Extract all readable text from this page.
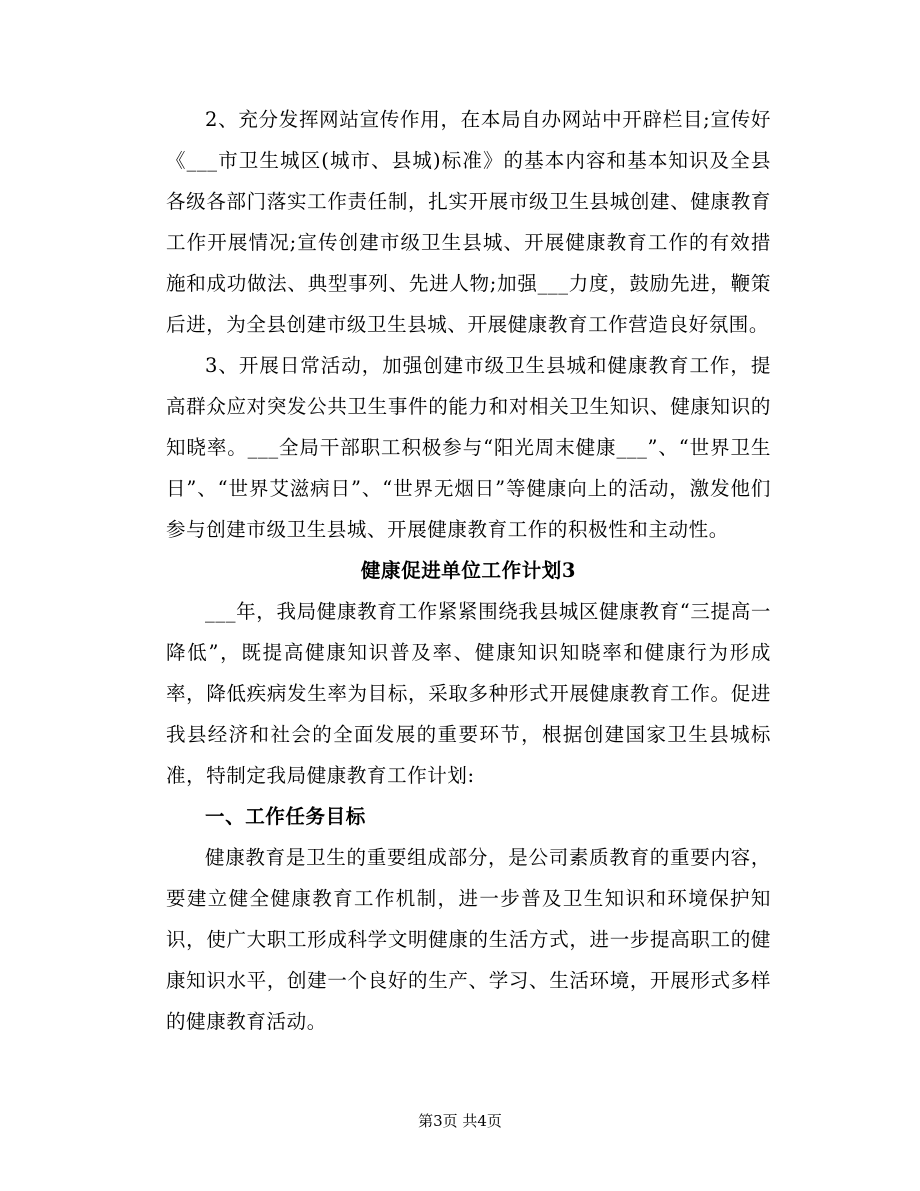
2、充分发挥网站宣传作用，在本局自办网站中开辟栏目;宣传好《___市卫生城区(城市、县城)标准》的基本内容和基本知识及全县各级各部门落实工作责任制，扎实开展市级卫生县城创建、健康教育工作开展情况;宣传创建市级卫生县城、开展健康教育工作的有效措施和成功做法、典型事列、先进人物;加强___力度，鼓励先进，鞭策后进，为全县创建市级卫生县城、开展健康教育工作营造良好氛围。

3、开展日常活动，加强创建市级卫生县城和健康教育工作，提高群众应对突发公共卫生事件的能力和对相关卫生知识、健康知识的知晓率。___全局干部职工积极参与“阳光周末健康___”、“世界卫生日”、“世界艾滋病日”、“世界无烟日”等健康向上的活动，激发他们参与创建市级卫生县城、开展健康教育工作的积极性和主动性。

健康促进单位工作计划3

___年，我局健康教育工作紧紧围绕我县城区健康教育“三提高一降低”，既提高健康知识普及率、健康知识知晓率和健康行为形成率，降低疾病发生率为目标，采取多种形式开展健康教育工作。促进我县经济和社会的全面发展的重要环节，根据创建国家卫生县城标准，特制定我局健康教育工作计划:

一、工作任务目标

健康教育是卫生的重要组成部分，是公司素质教育的重要内容，要建立健全健康教育工作机制，进一步普及卫生知识和环境保护知识，使广大职工形成科学文明健康的生活方式，进一步提高职工的健康知识水平，创建一个良好的生产、学习、生活环境，开展形式多样的健康教育活动。

第3页 共4页
